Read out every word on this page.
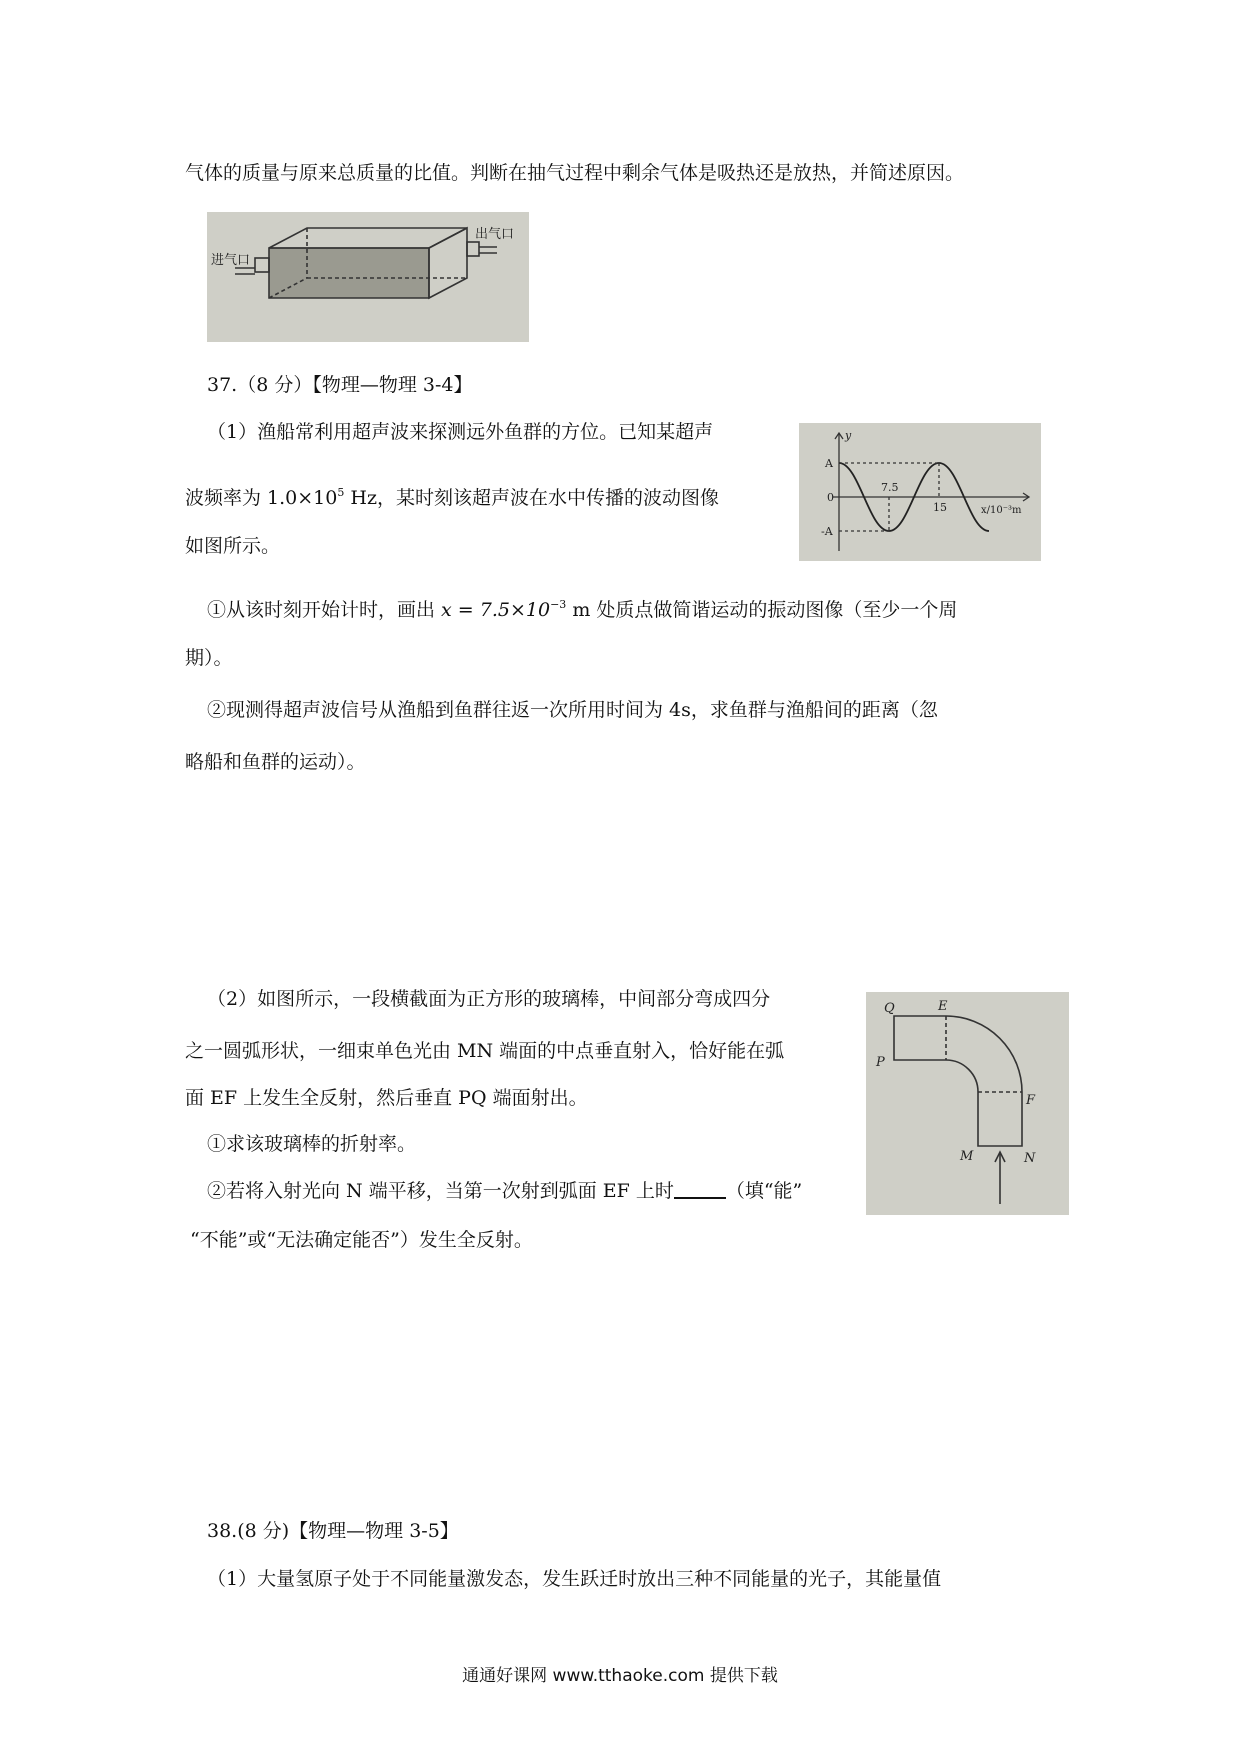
气体的质量与原来总质量的比值。判断在抽气过程中剩余气体是吸热还是放热，并简述原因。
进气口
出气口
37.（8 分）【物理—物理 3-4】
（1）渔船常利用超声波来探测远外鱼群的方位。已知某超声
波频率为 $1.0\times 10^5$ Hz，某时刻该超声波在水中传播的波动图像
如图所示。
y
A
0
-A
7.5
15	x/10⁻³m
①从该时刻开始计时，画出 $x = 7.5\times 10^{-3}$ m 处质点做简谐运动的振动图像（至少一个周
期）。
②现测得超声波信号从渔船到鱼群往返一次所用时间为 4s，求鱼群与渔船间的距离（忽
略船和鱼群的运动）。
（2）如图所示，一段横截面为正方形的玻璃棒，中间部分弯成四分
之一圆弧形状，一细束单色光由 MN 端面的中点垂直射入，恰好能在弧
面 EF 上发生全反射，然后垂直 PQ 端面射出。
①求该玻璃棒的折射率。
②若将入射光向 N 端平移，当第一次射到弧面 EF 上时	（填“能”
“不能”或“无法确定能否”）发生全反射。
Q	E
P
F
M	N
38.(8 分)【物理—物理 3-5】
（1）大量氢原子处于不同能量激发态，发生跃迁时放出三种不同能量的光子，其能量值
通通好课网 www.tthaoke.com 提供下载
